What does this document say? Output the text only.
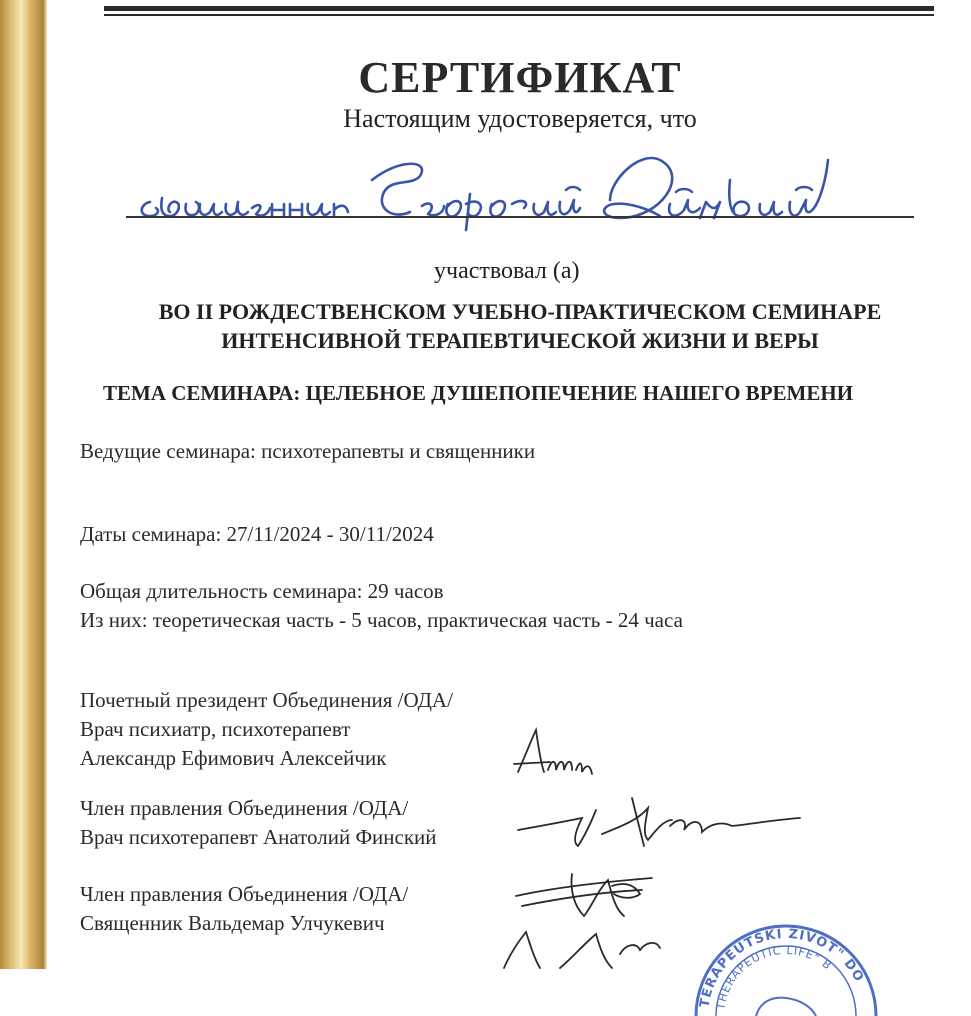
СЕРТИФИКАТ
Настоящим удостоверяется, что
участвовал (а)
ВО II РОЖДЕСТВЕНСКОМ УЧЕБНО-ПРАКТИЧЕСКОМ СЕМИНАРЕ
ИНТЕНСИВНОЙ ТЕРАПЕВТИЧЕСКОЙ ЖИЗНИ И ВЕРЫ
ТЕМА СЕМИНАРА: ЦЕЛЕБНОЕ ДУШЕПОПЕЧЕНИЕ НАШЕГО ВРЕМЕНИ
Ведущие семинара: психотерапевты и священники
Даты семинара: 27/11/2024 - 30/11/2024
Общая длительность семинара: 29 часов
Из них: теоретическая часть - 5 часов, практическая часть - 24 часа
Почетный президент Объединения /ОДА/
Врач психиатр, психотерапевт
Александр Ефимович Алексейчик
Член правления Объединения /ОДА/
Врач психотерапевт Анатолий Финский
Член правления Объединения /ОДА/
Священник Вальдемар Улчукевич
TERAPEUTSKI ŽIVOT" DO
THERAPEUTIC LIFE" B
